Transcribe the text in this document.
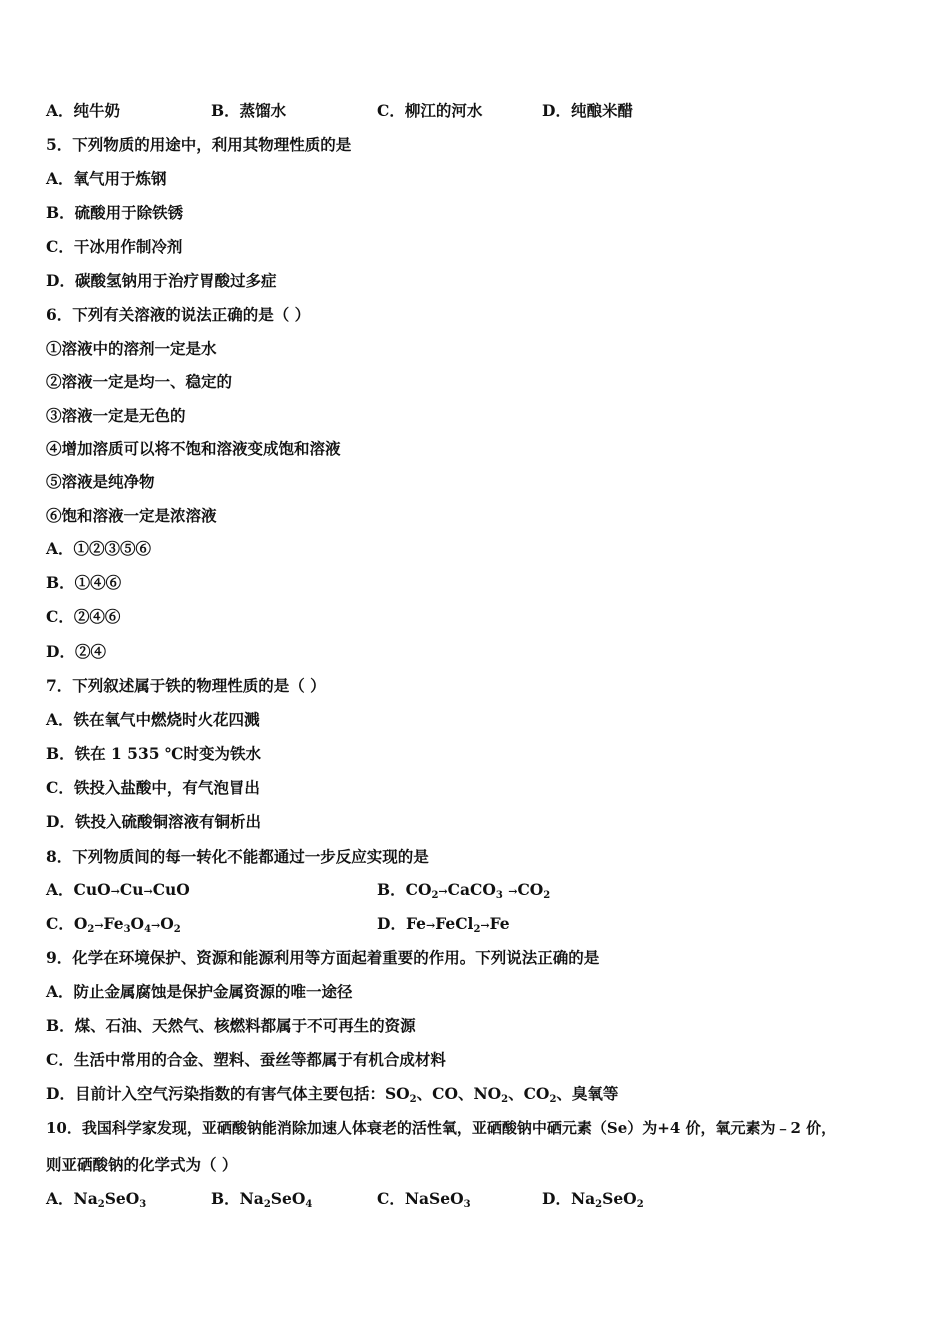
A．纯牛奶	B．蒸馏水	C．柳江的河水	D．纯酿米醋
5．下列物质的用途中，利用其物理性质的是
A．氧气用于炼钢
B．硫酸用于除铁锈
C．干冰用作制冷剂
D．碳酸氢钠用于治疗胃酸过多症
6．下列有关溶液的说法正确的是（ ）
①溶液中的溶剂一定是水
②溶液一定是均一、稳定的
③溶液一定是无色的
④增加溶质可以将不饱和溶液变成饱和溶液
⑤溶液是纯净物
⑥饱和溶液一定是浓溶液
A．①②③⑤⑥
B．①④⑥
C．②④⑥
D．②④
7．下列叙述属于铁的物理性质的是（ ）
A．铁在氧气中燃烧时火花四溅
B．铁在 1 535 ℃时变为铁水
C．铁投入盐酸中，有气泡冒出
D．铁投入硫酸铜溶液有铜析出
8．下列物质间的每一转化不能都通过一步反应实现的是
A．CuO→Cu→CuO	B．$CO_2\to CaCO_3 \to CO_2$
C．$O_2\to Fe_3O_4\to O_2$	D．Fe→FeCl$_2$→Fe
9．化学在环境保护、资源和能源利用等方面起着重要的作用。下列说法正确的是
A．防止金属腐蚀是保护金属资源的唯一途径
B．煤、石油、天然气、核燃料都属于不可再生的资源
C．生活中常用的合金、塑料、蚕丝等都属于有机合成材料
D．目前计入空气污染指数的有害气体主要包括：$SO_2$、CO、$NO_2$、$CO_2$、臭氧等
10．我国科学家发现，亚硒酸钠能消除加速人体衰老的活性氧，亚硒酸钠中硒元素（Se）为+4 价，氧元素为﹣2 价，
则亚硒酸钠的化学式为（ ）
A．$Na_2SeO_3$	B．$Na_2SeO_4$	C．NaSeO$_3$	D．$Na_2SeO_2$
